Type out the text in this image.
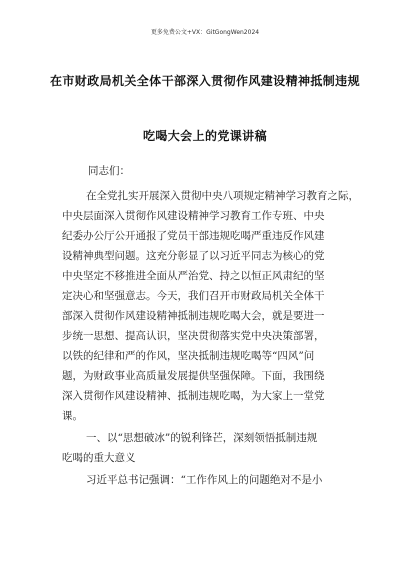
更多免费公文+VX：GitGongWen2024
在市财政局机关全体干部深入贯彻作风建设精神抵制违规
吃喝大会上的党课讲稿
同志们：
在全党扎实开展深入贯彻中央八项规定精神学习教育之际，
中央层面深入贯彻作风建设精神学习教育工作专班、中央
纪委办公厅公开通报了党员干部违规吃喝严重违反作风建
设精神典型问题。这充分彰显了以习近平同志为核心的党
中央坚定不移推进全面从严治党、持之以恒正风肃纪的坚
定决心和坚强意志。今天，我们召开市财政局机关全体干
部深入贯彻作风建设精神抵制违规吃喝大会，就是要进一
步统一思想、提高认识，坚决贯彻落实党中央决策部署，
以铁的纪律和严的作风，坚决抵制违规吃喝等“四风”问
题，为财政事业高质量发展提供坚强保障。下面，我围绕
深入贯彻作风建设精神、抵制违规吃喝，为大家上一堂党
课。
一、以“思想破冰”的锐利锋芒，深刻领悟抵制违规
吃喝的重大意义
习近平总书记强调：“工作作风上的问题绝对不是小
